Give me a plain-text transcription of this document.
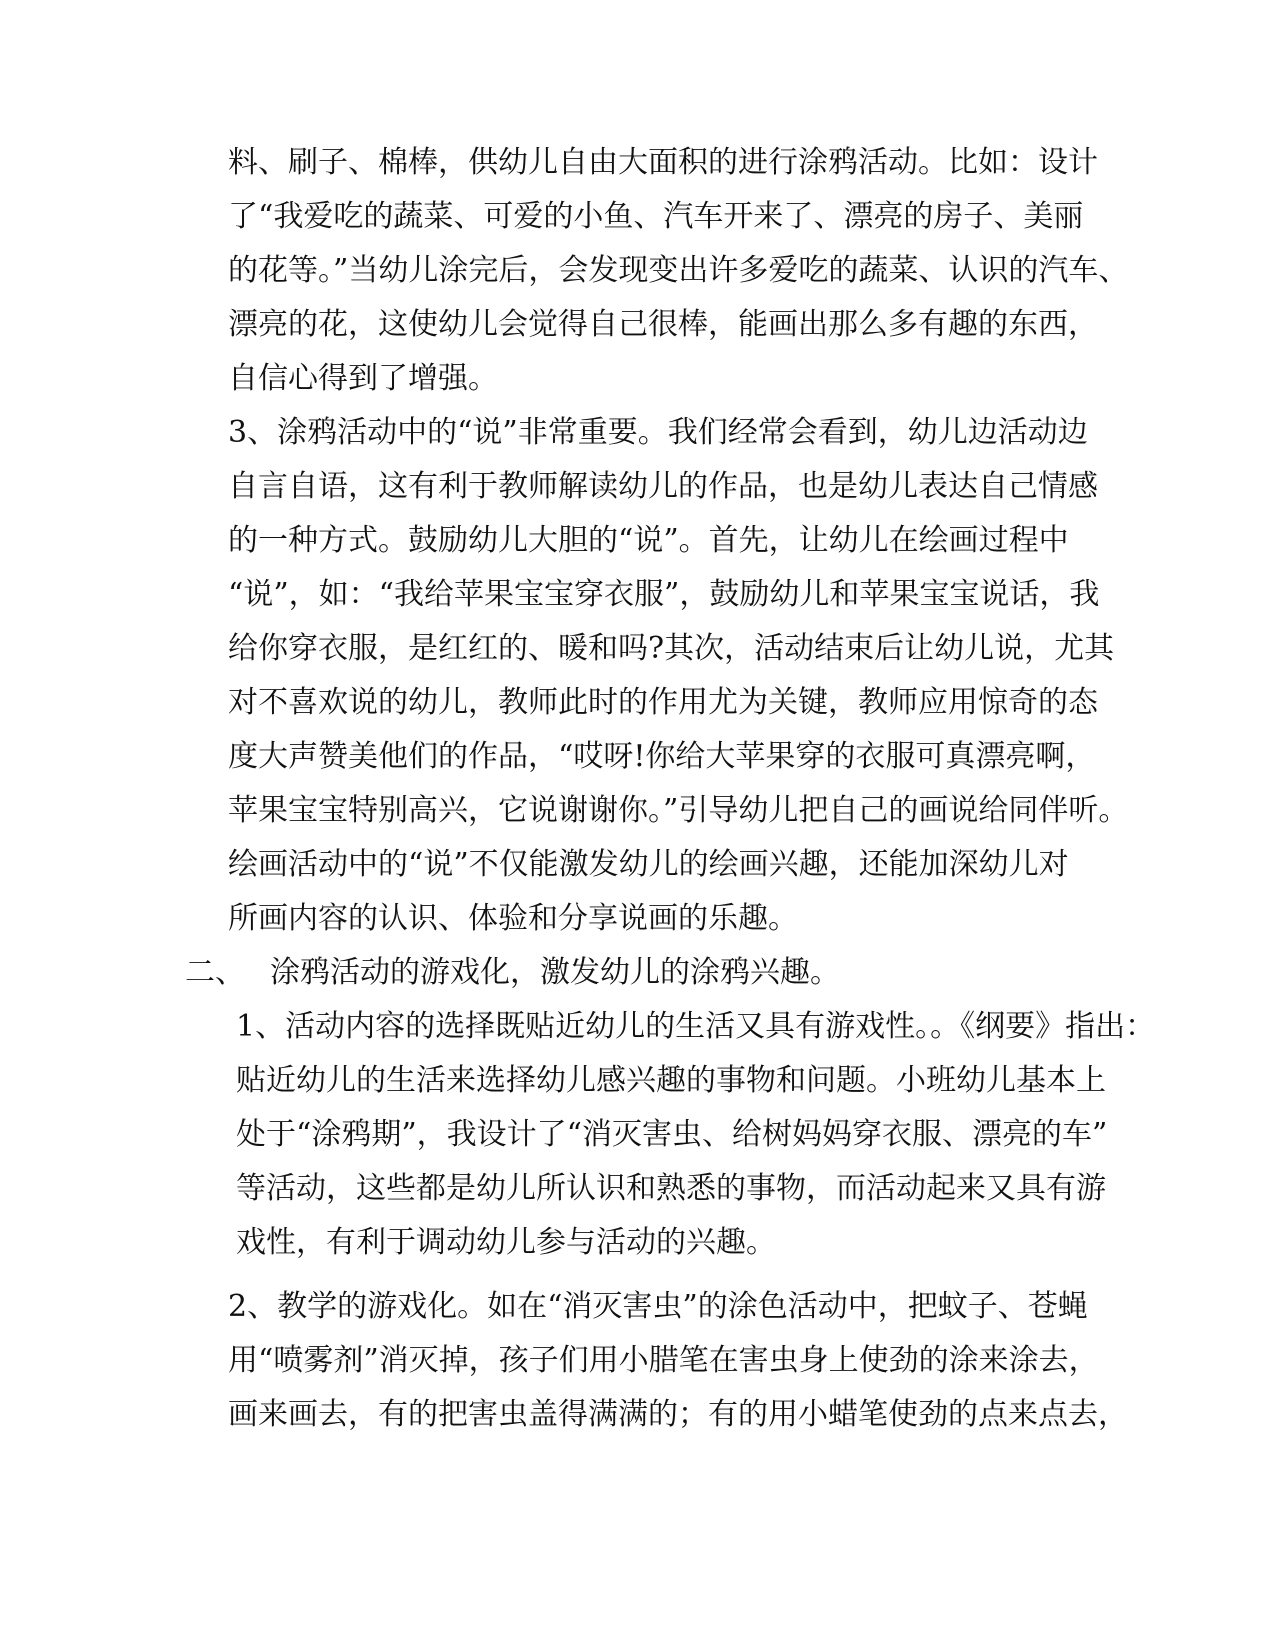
料、刷子、棉棒，供幼儿自由大面积的进行涂鸦活动。比如：设计
了“我爱吃的蔬菜、可爱的小鱼、汽车开来了、漂亮的房子、美丽
的花等。”当幼儿涂完后，会发现变出许多爱吃的蔬菜、认识的汽车、
漂亮的花，这使幼儿会觉得自己很棒，能画出那么多有趣的东西，
自信心得到了增强。
3、涂鸦活动中的“说”非常重要。我们经常会看到，幼儿边活动边
自言自语，这有利于教师解读幼儿的作品，也是幼儿表达自己情感
的一种方式。鼓励幼儿大胆的“说”。首先，让幼儿在绘画过程中
“说”，如：“我给苹果宝宝穿衣服”，鼓励幼儿和苹果宝宝说话，我
给你穿衣服，是红红的、暖和吗?其次，活动结束后让幼儿说，尤其
对不喜欢说的幼儿，教师此时的作用尤为关键，教师应用惊奇的态
度大声赞美他们的作品，“哎呀!你给大苹果穿的衣服可真漂亮啊，
苹果宝宝特别高兴，它说谢谢你。”引导幼儿把自己的画说给同伴听。
绘画活动中的“说”不仅能激发幼儿的绘画兴趣，还能加深幼儿对
所画内容的认识、体验和分享说画的乐趣。
二、 涂鸦活动的游戏化，激发幼儿的涂鸦兴趣。
1、活动内容的选择既贴近幼儿的生活又具有游戏性。。《纲要》指出：
贴近幼儿的生活来选择幼儿感兴趣的事物和问题。小班幼儿基本上
处于“涂鸦期”，我设计了“消灭害虫、给树妈妈穿衣服、漂亮的车”
等活动，这些都是幼儿所认识和熟悉的事物，而活动起来又具有游
戏性，有利于调动幼儿参与活动的兴趣。
2、教学的游戏化。如在“消灭害虫”的涂色活动中，把蚊子、苍蝇
用“喷雾剂”消灭掉，孩子们用小腊笔在害虫身上使劲的涂来涂去，
画来画去，有的把害虫盖得满满的；有的用小蜡笔使劲的点来点去，
